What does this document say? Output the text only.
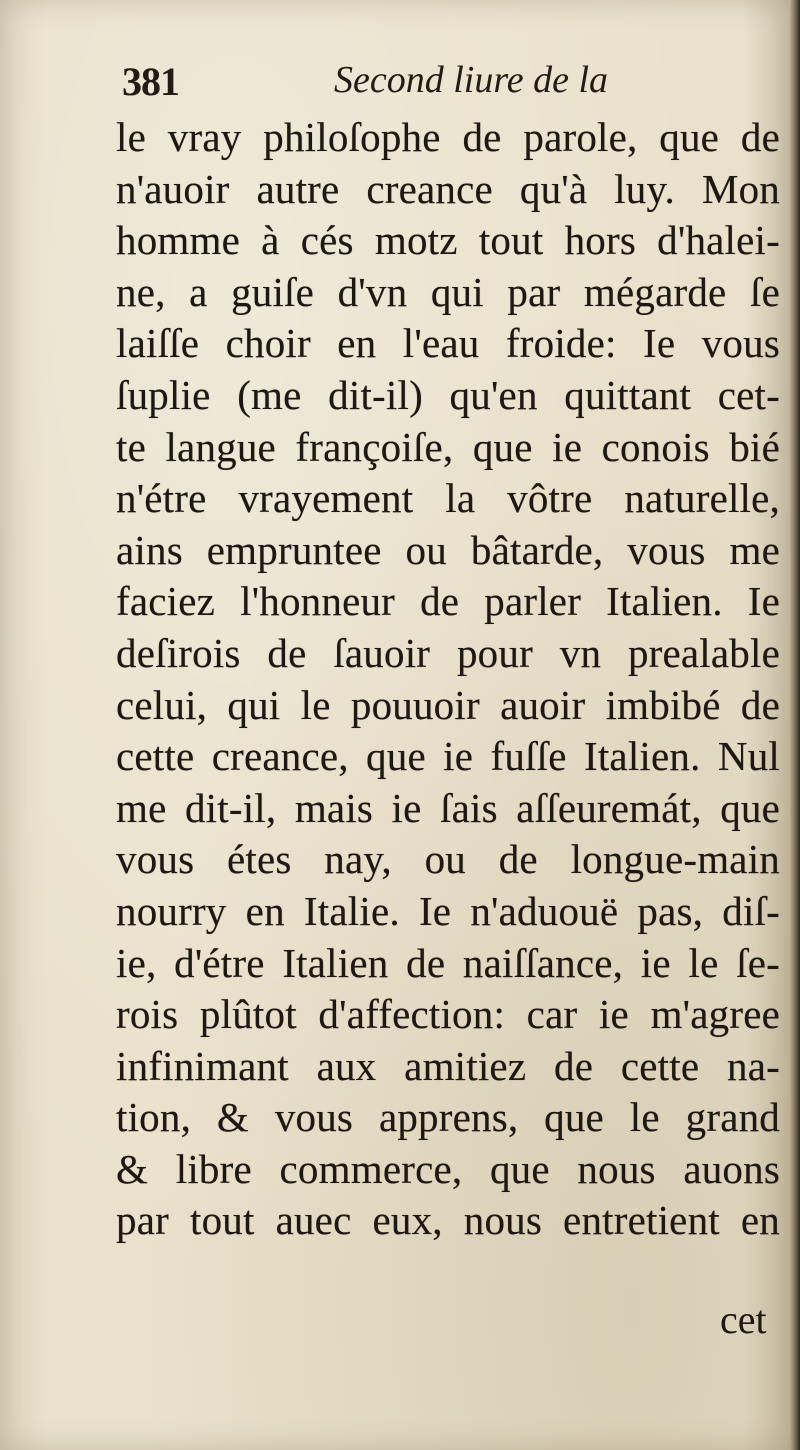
381	Second liure de la
le vray philoſophe de parole, que de
n'auoir autre creance qu'à luy. Mon
homme à cés motz tout hors d'halei-
ne, a guiſe d'vn qui par mégarde ſe
laiſſe choir en l'eau froide: Ie vous
ſuplie (me dit-il) qu'en quittant cet-
te langue françoiſe, que ie conois bié
n'étre vrayement la vôtre naturelle,
ains empruntee ou bâtarde, vous me
faciez l'honneur de parler Italien. Ie
deſirois de ſauoir pour vn prealable
celui, qui le pouuoir auoir imbibé de
cette creance, que ie fuſſe Italien. Nul
me dit-il, mais ie ſais aſſeuremát, que
vous étes nay, ou de longue-main
nourry en Italie. Ie n'aduouë pas, diſ-
ie, d'étre Italien de naiſſance, ie le ſe-
rois plûtot d'affection: car ie m'agree
infinimant aux amitiez de cette na-
tion, & vous apprens, que le grand
& libre commerce, que nous auons
par tout auec eux, nous entretient en
cet
